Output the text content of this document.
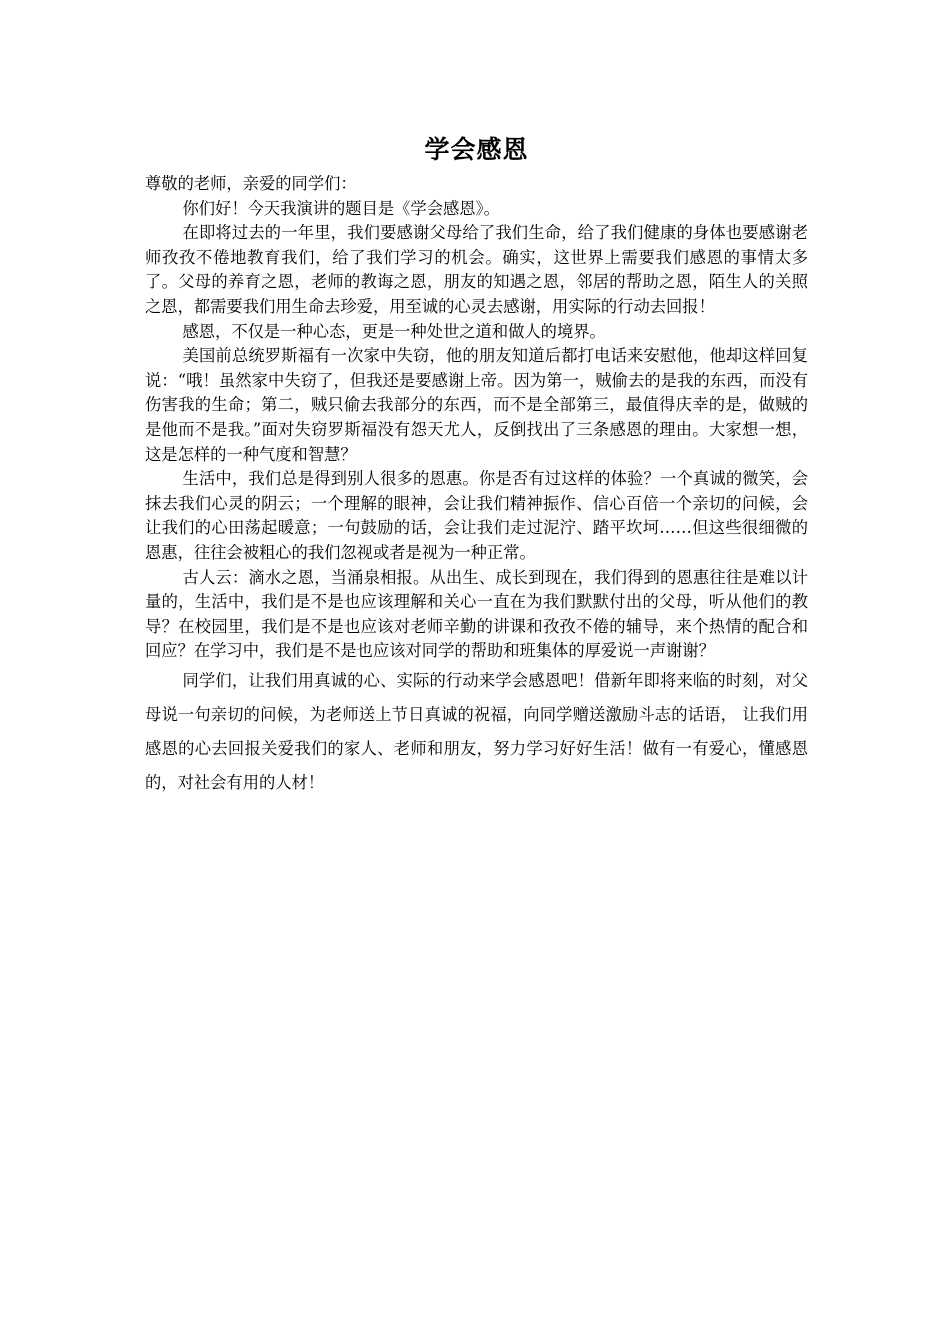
学会感恩

尊敬的老师，亲爱的同学们：

你们好！今天我演讲的题目是《学会感恩》。

在即将过去的一年里，我们要感谢父母给了我们生命，给了我们健康的身体也要感谢老师孜孜不倦地教育我们，给了我们学习的机会。确实，这世界上需要我们感恩的事情太多了。父母的养育之恩，老师的教诲之恩，朋友的知遇之恩，邻居的帮助之恩，陌生人的关照之恩，都需要我们用生命去珍爱，用至诚的心灵去感谢，用实际的行动去回报！

感恩，不仅是一种心态，更是一种处世之道和做人的境界。

美国前总统罗斯福有一次家中失窃，他的朋友知道后都打电话来安慰他，他却这样回复说：“哦！虽然家中失窃了，但我还是要感谢上帝。因为第一，贼偷去的是我的东西，而没有伤害我的生命；第二，贼只偷去我部分的东西，而不是全部第三，最值得庆幸的是，做贼的是他而不是我。”面对失窃罗斯福没有怨天尤人，反倒找出了三条感恩的理由。大家想一想，这是怎样的一种气度和智慧？

生活中，我们总是得到别人很多的恩惠。你是否有过这样的体验？一个真诚的微笑，会抹去我们心灵的阴云；一个理解的眼神，会让我们精神振作、信心百倍一个亲切的问候，会让我们的心田荡起暖意；一句鼓励的话，会让我们走过泥泞、踏平坎坷……但这些很细微的恩惠，往往会被粗心的我们忽视或者是视为一种正常。

古人云：滴水之恩，当涌泉相报。从出生、成长到现在，我们得到的恩惠往往是难以计量的，生活中，我们是不是也应该理解和关心一直在为我们默默付出的父母，听从他们的教导？在校园里，我们是不是也应该对老师辛勤的讲课和孜孜不倦的辅导，来个热情的配合和回应？在学习中，我们是不是也应该对同学的帮助和班集体的厚爱说一声谢谢？

同学们，让我们用真诚的心、实际的行动来学会感恩吧！借新年即将来临的时刻，对父母说一句亲切的问候，为老师送上节日真诚的祝福，向同学赠送激励斗志的话语， 让我们用感恩的心去回报关爱我们的家人、老师和朋友，努力学习好好生活！做有一有爱心，懂感恩的，对社会有用的人材！
